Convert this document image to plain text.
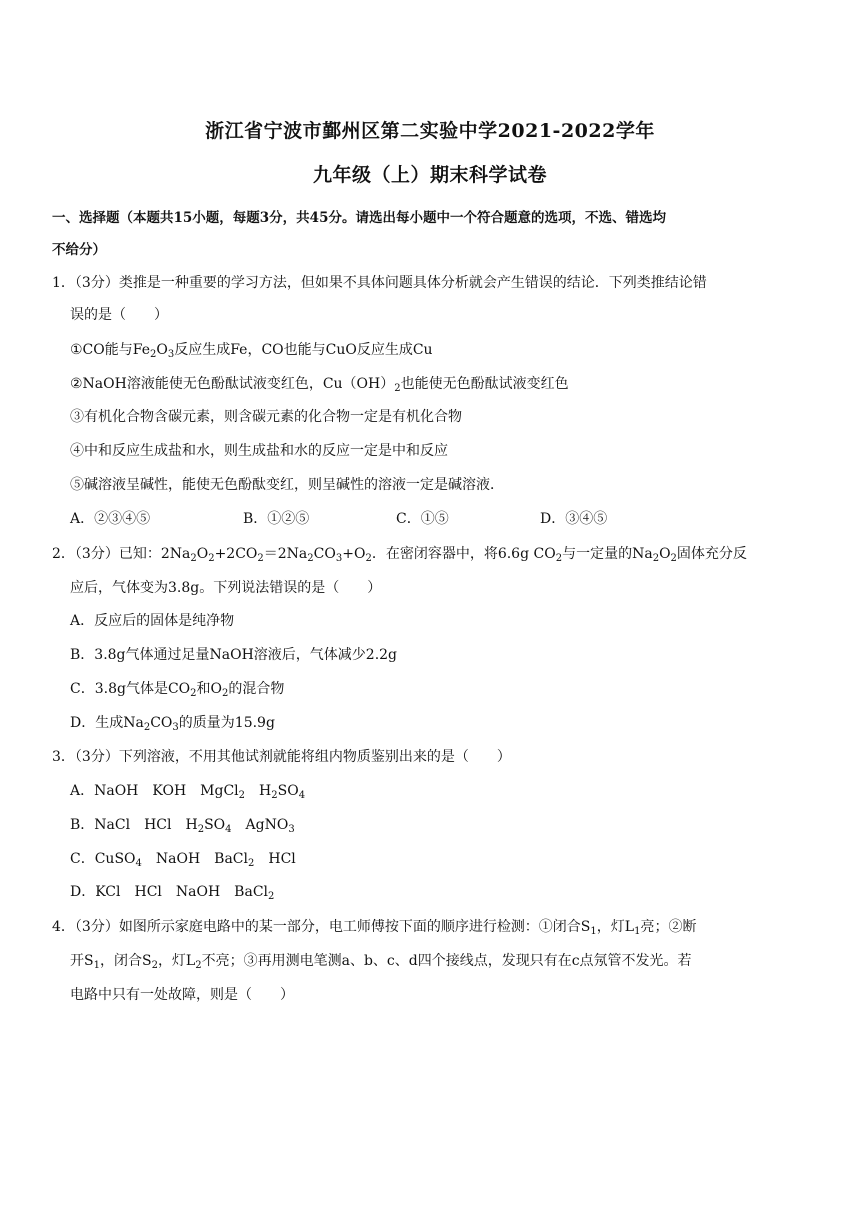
浙江省宁波市鄞州区第二实验中学2021-2022学年
九年级（上）期末科学试卷
一、选择题（本题共15小题，每题3分，共45分。请选出每小题中一个符合题意的选项，不选、错选均
不给分）
1．（3分）类推是一种重要的学习方法，但如果不具体问题具体分析就会产生错误的结论．下列类推结论错
误的是（　　）
①CO能与$Fe_2O_3$反应生成Fe，CO也能与CuO反应生成Cu
②NaOH溶液能使无色酚酞试液变红色，$Cu(OH)_2$也能使无色酚酞试液变红色
③有机化合物含碳元素，则含碳元素的化合物一定是有机化合物
④中和反应生成盐和水，则生成盐和水的反应一定是中和反应
⑤碱溶液呈碱性，能使无色酚酞变红，则呈碱性的溶液一定是碱溶液．
A．②③④⑤	B．①②⑤	C．①⑤	D．③④⑤
2．（3分）已知：$2Na_2O_2+2CO_2=2Na_2CO_3+O_2$．在密闭容器中，将6.6g $CO_2$与一定量的$Na_2O_2$固体充分反
应后，气体变为3.8g。下列说法错误的是（　　）
A．反应后的固体是纯净物
B．3.8g气体通过足量NaOH溶液后，气体减少2.2g
C．3.8g气体是$CO_2$和$O_2$的混合物
D．生成$Na_2CO_3$的质量为15.9g
3．（3分）下列溶液，不用其他试剂就能将组内物质鉴别出来的是（　　）
A．NaOH　KOH　MgCl$_2$　$H_2SO_4$
B．NaCl　HCl　$H_2SO_4$　AgNO$_3$
C．CuSO$_4$　NaOH　BaCl$_2$　HCl
D．KCl　HCl　NaOH　BaCl$_2$
4．（3分）如图所示家庭电路中的某一部分，电工师傅按下面的顺序进行检测：①闭合$S_1$，灯$L_1$亮；②断
开$S_1$，闭合$S_2$，灯$L_2$不亮；③再用测电笔测a、b、c、d四个接线点，发现只有在c点氖管不发光。若
电路中只有一处故障，则是（　　）
